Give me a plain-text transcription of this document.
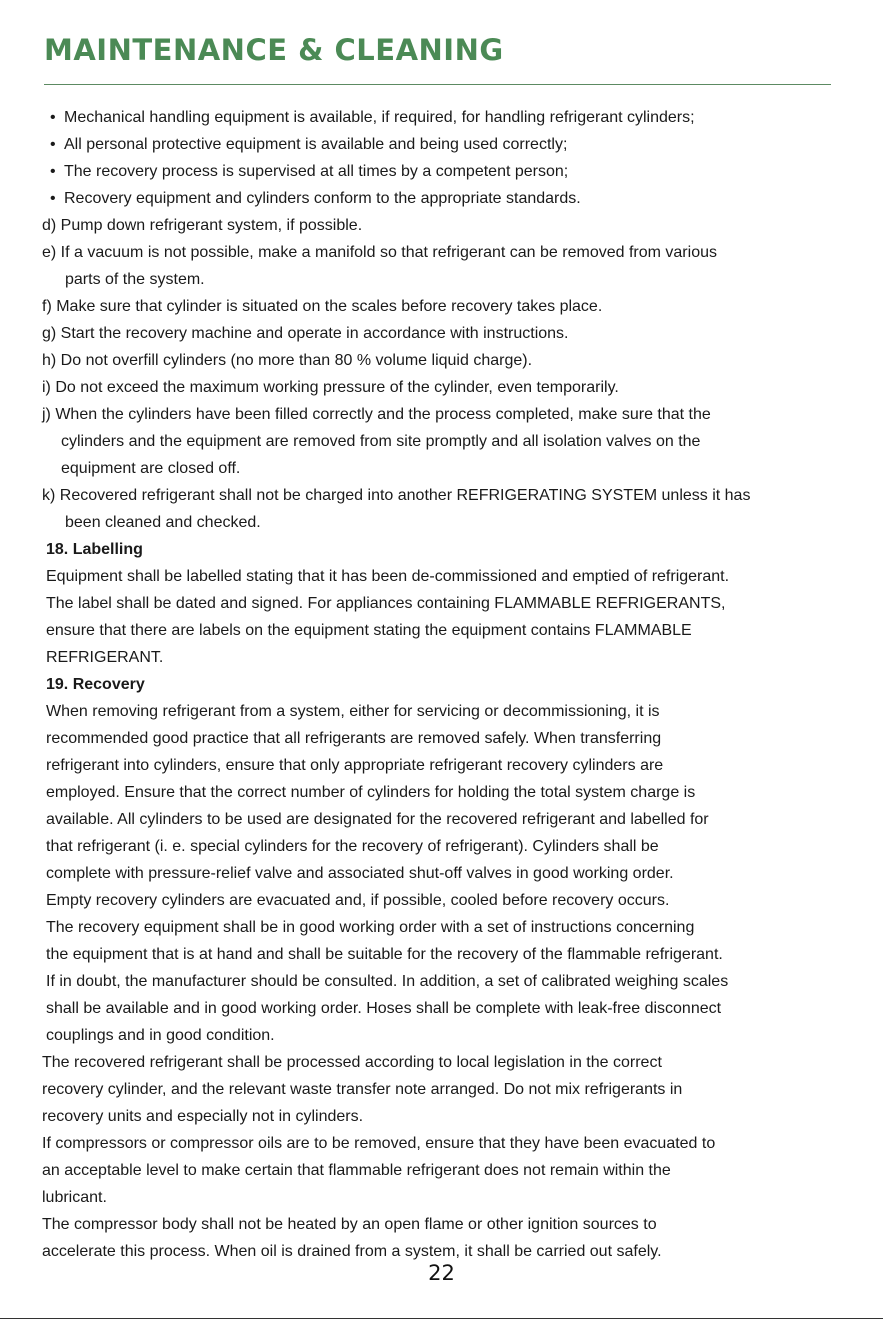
MAINTENANCE & CLEANING
• Mechanical handling equipment is available, if required, for handling refrigerant cylinders;
• All personal protective equipment is available and being used correctly;
• The recovery process is supervised at all times by a competent person;
• Recovery equipment and cylinders conform to the appropriate standards.
d) Pump down refrigerant system, if possible.
e) If a vacuum is not possible, make a manifold so that refrigerant can be removed from various
parts of the system.
f) Make sure that cylinder is situated on the scales before recovery takes place.
g) Start the recovery machine and operate in accordance with instructions.
h) Do not overfill cylinders (no more than 80 % volume liquid charge).
i) Do not exceed the maximum working pressure of the cylinder, even temporarily.
j) When the cylinders have been filled correctly and the process completed, make sure that the
cylinders and the equipment are removed from site promptly and all isolation valves on the
equipment are closed off.
k) Recovered refrigerant shall not be charged into another REFRIGERATING SYSTEM unless it has
been cleaned and checked.
18. Labelling
Equipment shall be labelled stating that it has been de-commissioned and emptied of refrigerant.
The label shall be dated and signed. For appliances containing FLAMMABLE REFRIGERANTS,
ensure that there are labels on the equipment stating the equipment contains FLAMMABLE
REFRIGERANT.
19. Recovery
When removing refrigerant from a system, either for servicing or decommissioning, it is
recommended good practice that all refrigerants are removed safely. When transferring
refrigerant into cylinders, ensure that only appropriate refrigerant recovery cylinders are
employed. Ensure that the correct number of cylinders for holding the total system charge is
available. All cylinders to be used are designated for the recovered refrigerant and labelled for
that refrigerant (i. e. special cylinders for the recovery of refrigerant). Cylinders shall be
complete with pressure-relief valve and associated shut-off valves in good working order.
Empty recovery cylinders are evacuated and, if possible, cooled before recovery occurs.
The recovery equipment shall be in good working order with a set of instructions concerning
the equipment that is at hand and shall be suitable for the recovery of the flammable refrigerant.
If in doubt, the manufacturer should be consulted. In addition, a set of calibrated weighing scales
shall be available and in good working order. Hoses shall be complete with leak-free disconnect
couplings and in good condition.
The recovered refrigerant shall be processed according to local legislation in the correct
recovery cylinder, and the relevant waste transfer note arranged. Do not mix refrigerants in
recovery units and especially not in cylinders.
If compressors or compressor oils are to be removed, ensure that they have been evacuated to
an acceptable level to make certain that flammable refrigerant does not remain within the
lubricant.
The compressor body shall not be heated by an open flame or other ignition sources to
accelerate this process. When oil is drained from a system, it shall be carried out safely.
22
